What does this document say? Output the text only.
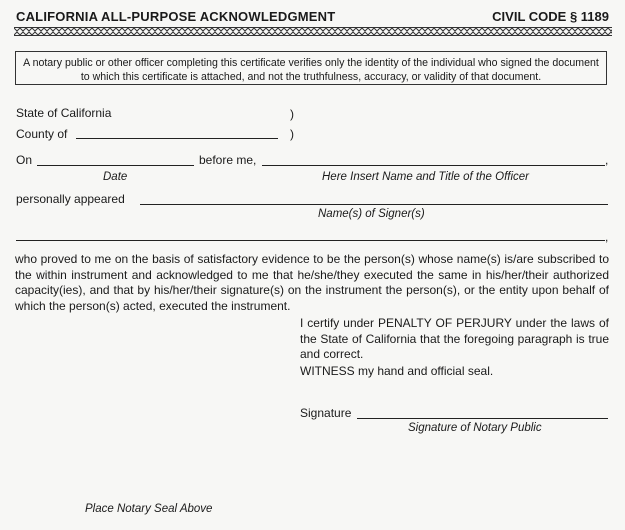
CALIFORNIA ALL-PURPOSE ACKNOWLEDGMENT	CIVIL CODE § 1189
A notary public or other officer completing this certificate verifies only the identity of the individual who signed the document to which this certificate is attached, and not the truthfulness, accuracy, or validity of that document.
State of California	)
County of	)
On	before me,	,
Date	Here Insert Name and Title of the Officer
personally appeared
Name(s) of Signer(s)
,
who proved to me on the basis of satisfactory evidence to be the person(s) whose name(s) is/are subscribed to the within instrument and acknowledged to me that he/she/they executed the same in his/her/their authorized capacity(ies), and that by his/her/their signature(s) on the instrument the person(s), or the entity upon behalf of which the person(s) acted, executed the instrument.
I certify under PENALTY OF PERJURY under the laws of the State of California that the foregoing paragraph is true and correct.
WITNESS my hand and official seal.
Signature
Signature of Notary Public
Place Notary Seal Above
